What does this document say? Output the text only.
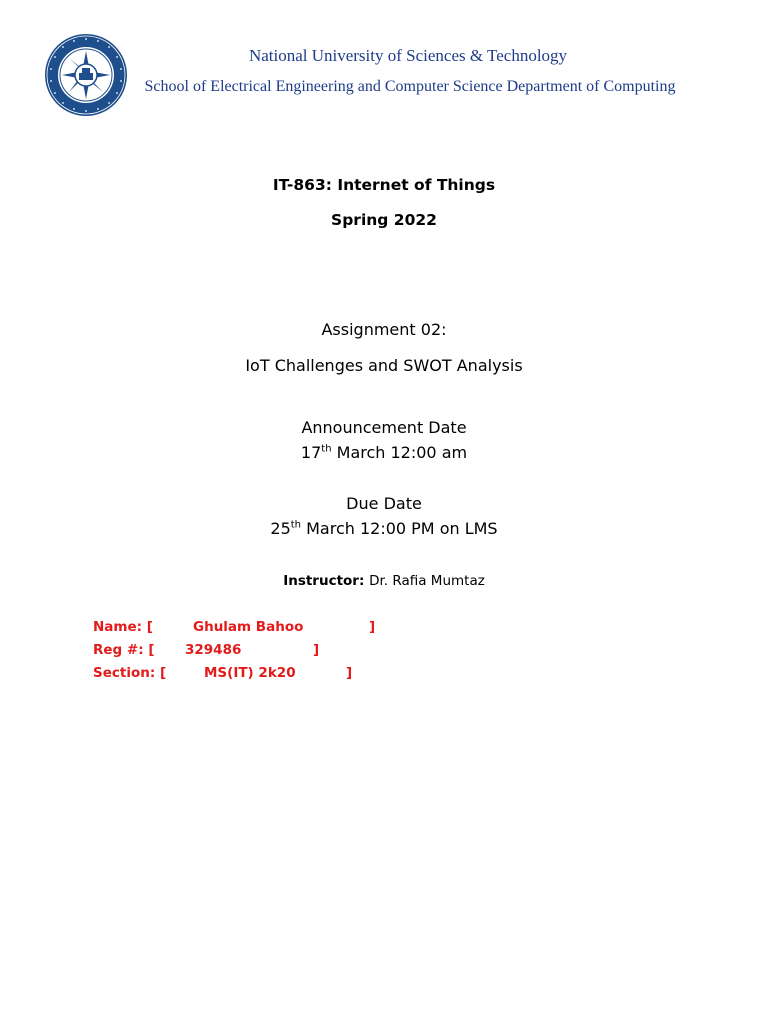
National University of Sciences & Technology
School of Electrical Engineering and Computer Science Department of Computing
IT-863: Internet of Things
Spring 2022
Assignment 02:
IoT Challenges and SWOT Analysis
Announcement Date
17th March 12:00 am
Due Date
25th March 12:00 PM on LMS
Instructor: Dr. Rafia Mumtaz
Name: [	Ghulam Bahoo	]
Reg #: [ 329486	]
Section: [	MS(IT) 2k20	]
